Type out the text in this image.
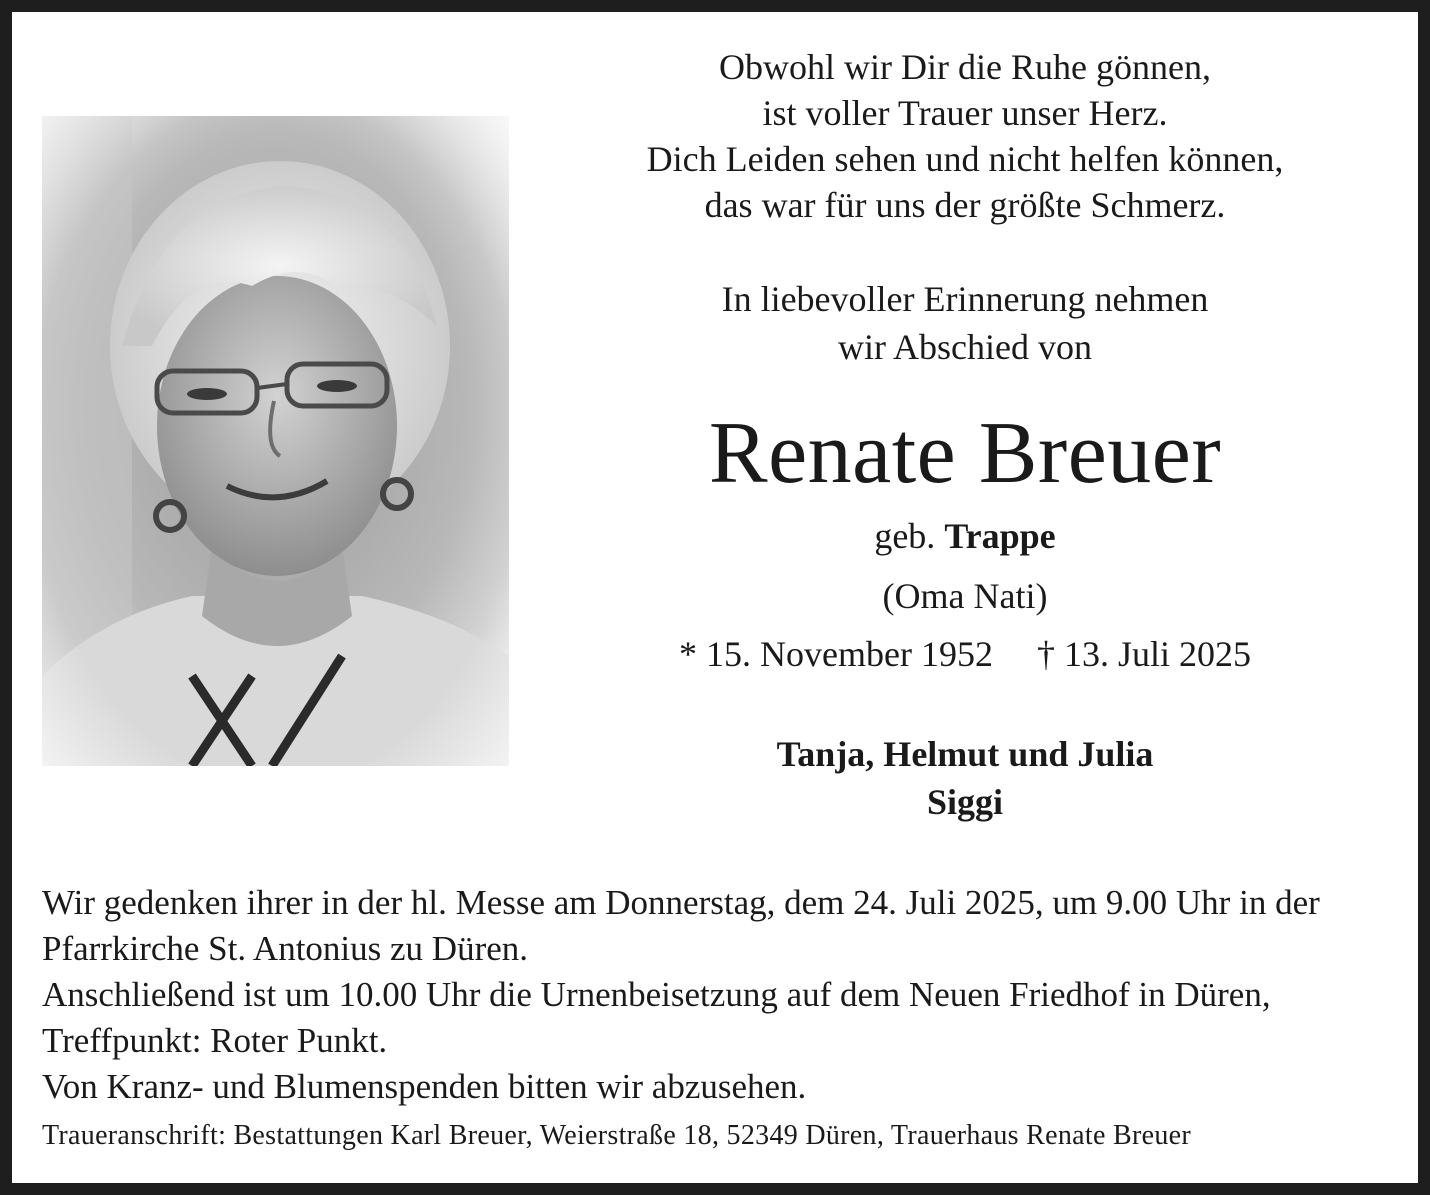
Obwohl wir Dir die Ruhe gönnen,
ist voller Trauer unser Herz.
Dich Leiden sehen und nicht helfen können,
das war für uns der größte Schmerz.
In liebevoller Erinnerung nehmen
wir Abschied von
Renate Breuer
geb. Trappe
(Oma Nati)
* 15. November 1952 † 13. Juli 2025
Tanja, Helmut und Julia
Siggi
Wir gedenken ihrer in der hl. Messe am Donnerstag, dem 24. Juli 2025, um 9.00 Uhr in der
Pfarrkirche St. Antonius zu Düren.
Anschließend ist um 10.00 Uhr die Urnenbeisetzung auf dem Neuen Friedhof in Düren,
Treffpunkt: Roter Punkt.
Von Kranz- und Blumenspenden bitten wir abzusehen.
Traueranschrift: Bestattungen Karl Breuer, Weierstraße 18, 52349 Düren, Trauerhaus Renate Breuer
